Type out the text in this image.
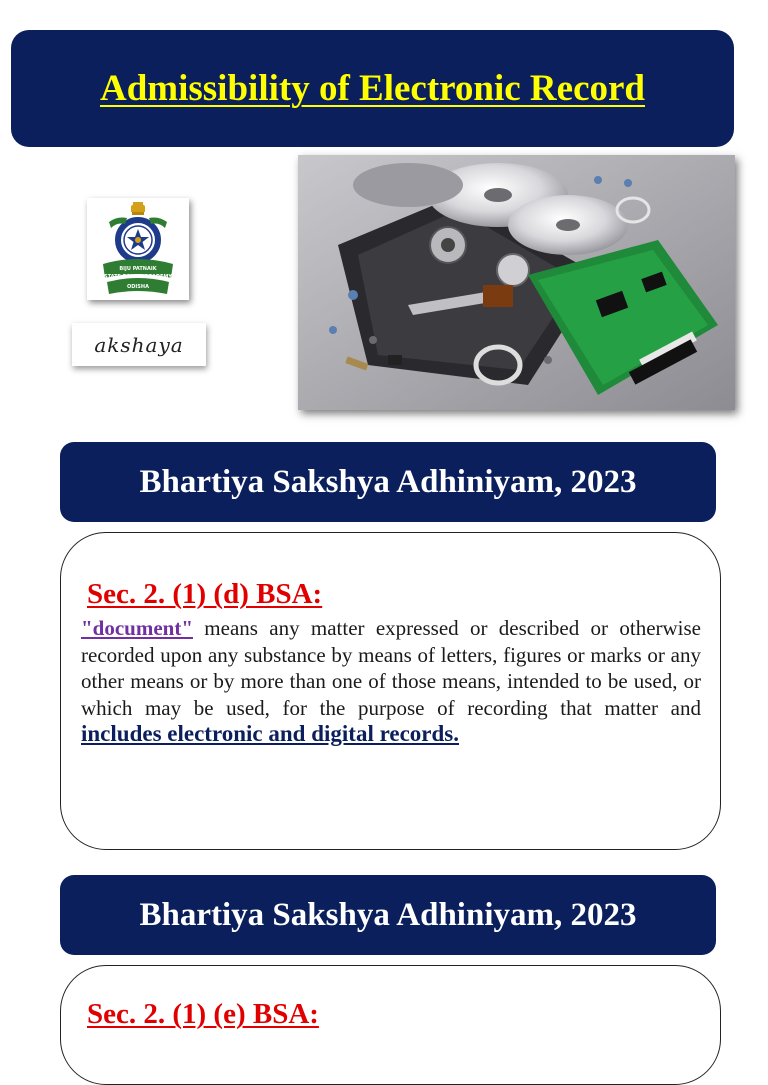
Admissibility of Electronic Record
BIJU PATNAIK
STATE POLICE ACADEMY
ODISHA
akshaya
Bhartiya Sakshya Adhiniyam, 2023
Sec. 2. (1) (d) BSA:

"document" means any matter expressed or described or otherwise recorded upon any substance by means of letters, figures or marks or any other means or by more than one of those means, intended to be used, or which may be used, for the purpose of recording that matter and includes electronic and digital records.

Bhartiya Sakshya Adhiniyam, 2023
Sec. 2. (1) (e) BSA:
